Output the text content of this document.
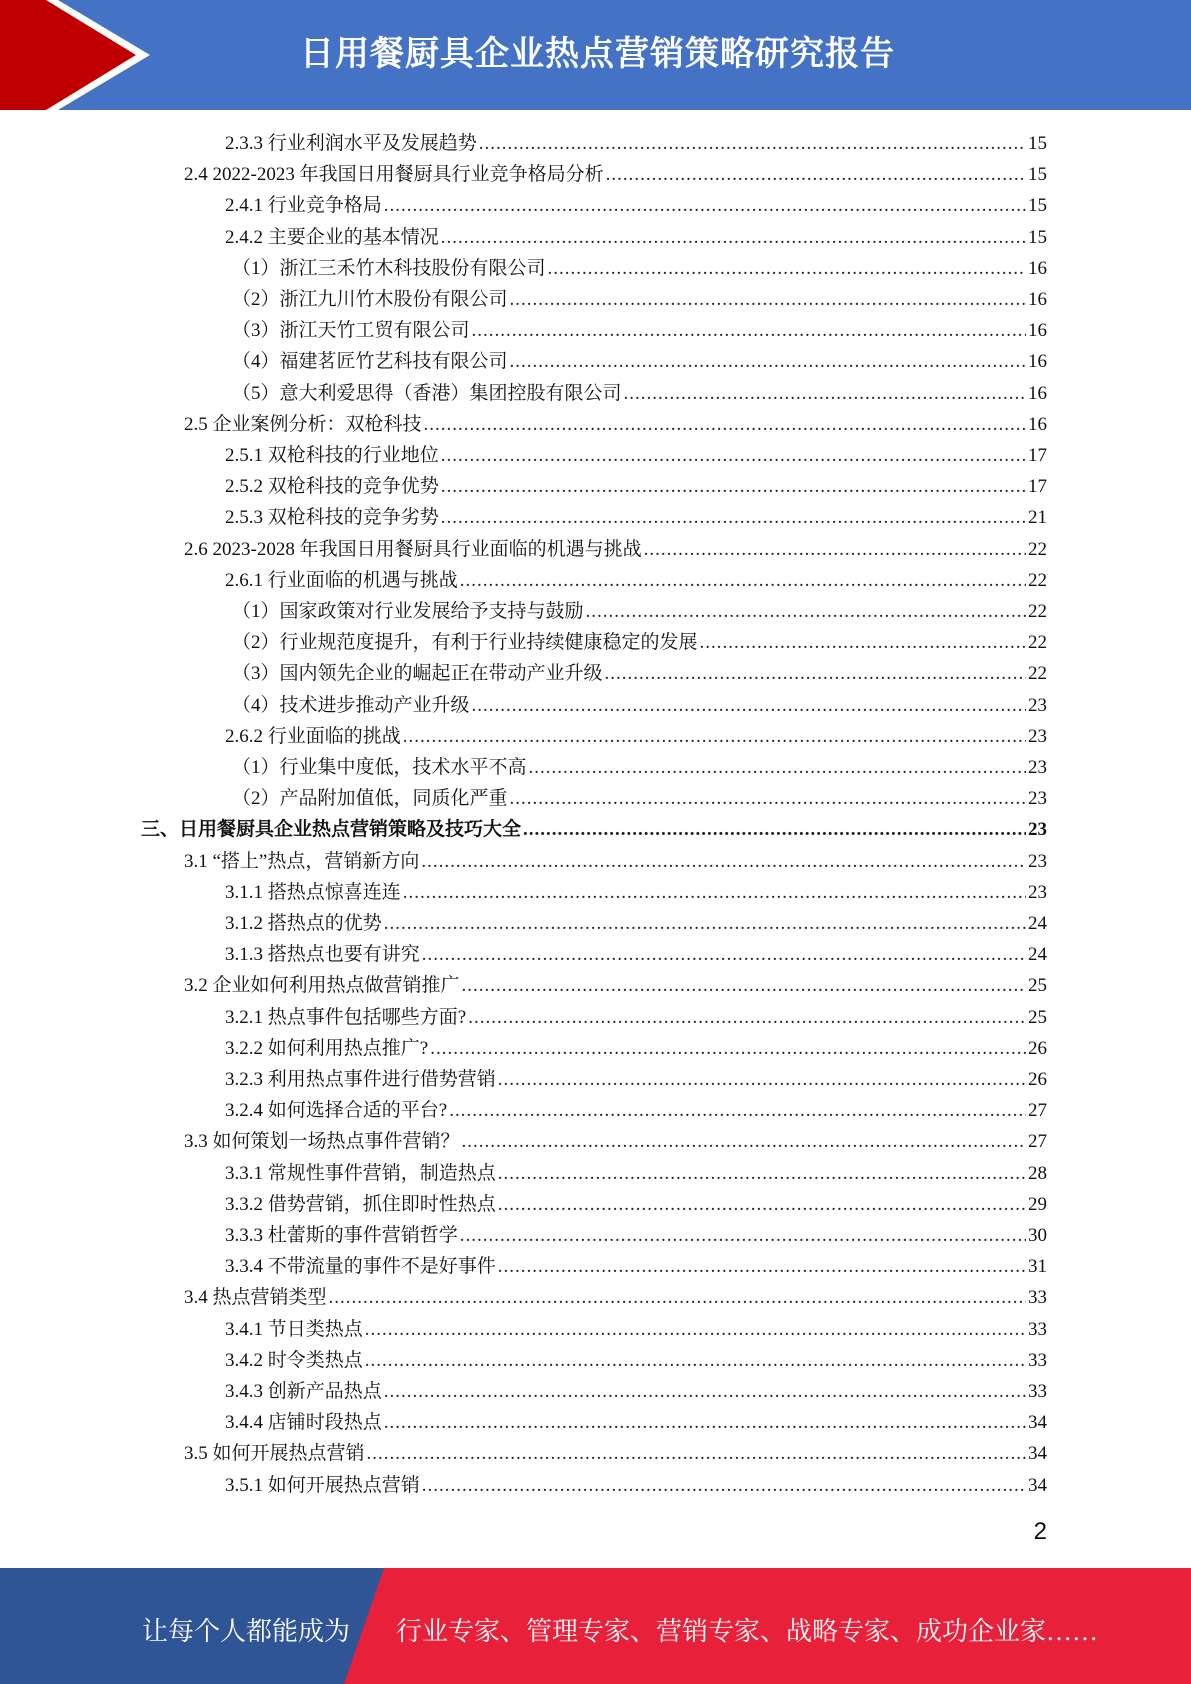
日用餐厨具企业热点营销策略研究报告
2.3.3 行业利润水平及发展趋势 .....	15
2.4 2022-2023 年我国日用餐厨具行业竞争格局分析 .....	15
2.4.1 行业竞争格局 .....	15
2.4.2 主要企业的基本情况 .....	15
（1）浙江三禾竹木科技股份有限公司 .....	16
（2）浙江九川竹木股份有限公司 .....	16
（3）浙江天竹工贸有限公司 .....	16
（4）福建茗匠竹艺科技有限公司 .....	16
（5）意大利爱思得（香港）集团控股有限公司 .....	16
2.5 企业案例分析：双枪科技 .....	16
2.5.1 双枪科技的行业地位 .....	17
2.5.2 双枪科技的竞争优势 .....	17
2.5.3 双枪科技的竞争劣势 .....	21
2.6 2023-2028 年我国日用餐厨具行业面临的机遇与挑战 .....	22
2.6.1 行业面临的机遇与挑战 .....	22
（1）国家政策对行业发展给予支持与鼓励 .....	22
（2）行业规范度提升，有利于行业持续健康稳定的发展 .....	22
（3）国内领先企业的崛起正在带动产业升级 .....	22
（4）技术进步推动产业升级 .....	23
2.6.2 行业面临的挑战 .....	23
（1）行业集中度低，技术水平不高 .....	23
（2）产品附加值低，同质化严重 .....	23
三、日用餐厨具企业热点营销策略及技巧大全 .....	23
3.1 “搭上”热点，营销新方向 .....	23
3.1.1 搭热点惊喜连连 .....	23
3.1.2 搭热点的优势 .....	24
3.1.3 搭热点也要有讲究 .....	24
3.2 企业如何利用热点做营销推广 .....	25
3.2.1 热点事件包括哪些方面? .....	25
3.2.2 如何利用热点推广? .....	26
3.2.3 利用热点事件进行借势营销 .....	26
3.2.4 如何选择合适的平台? .....	27
3.3 如何策划一场热点事件营销？ .....	27
3.3.1 常规性事件营销，制造热点 .....	28
3.3.2 借势营销，抓住即时性热点 .....	29
3.3.3 杜蕾斯的事件营销哲学 .....	30
3.3.4 不带流量的事件不是好事件 .....	31
3.4 热点营销类型 .....	33
3.4.1 节日类热点 .....	33
3.4.2 时令类热点 .....	33
3.4.3 创新产品热点 .....	33
3.4.4 店铺时段热点 .....	34
3.5 如何开展热点营销 .....	34
3.5.1 如何开展热点营销 .....	34
2
让每个人都能成为 行业专家、管理专家、营销专家、战略专家、成功企业家……
